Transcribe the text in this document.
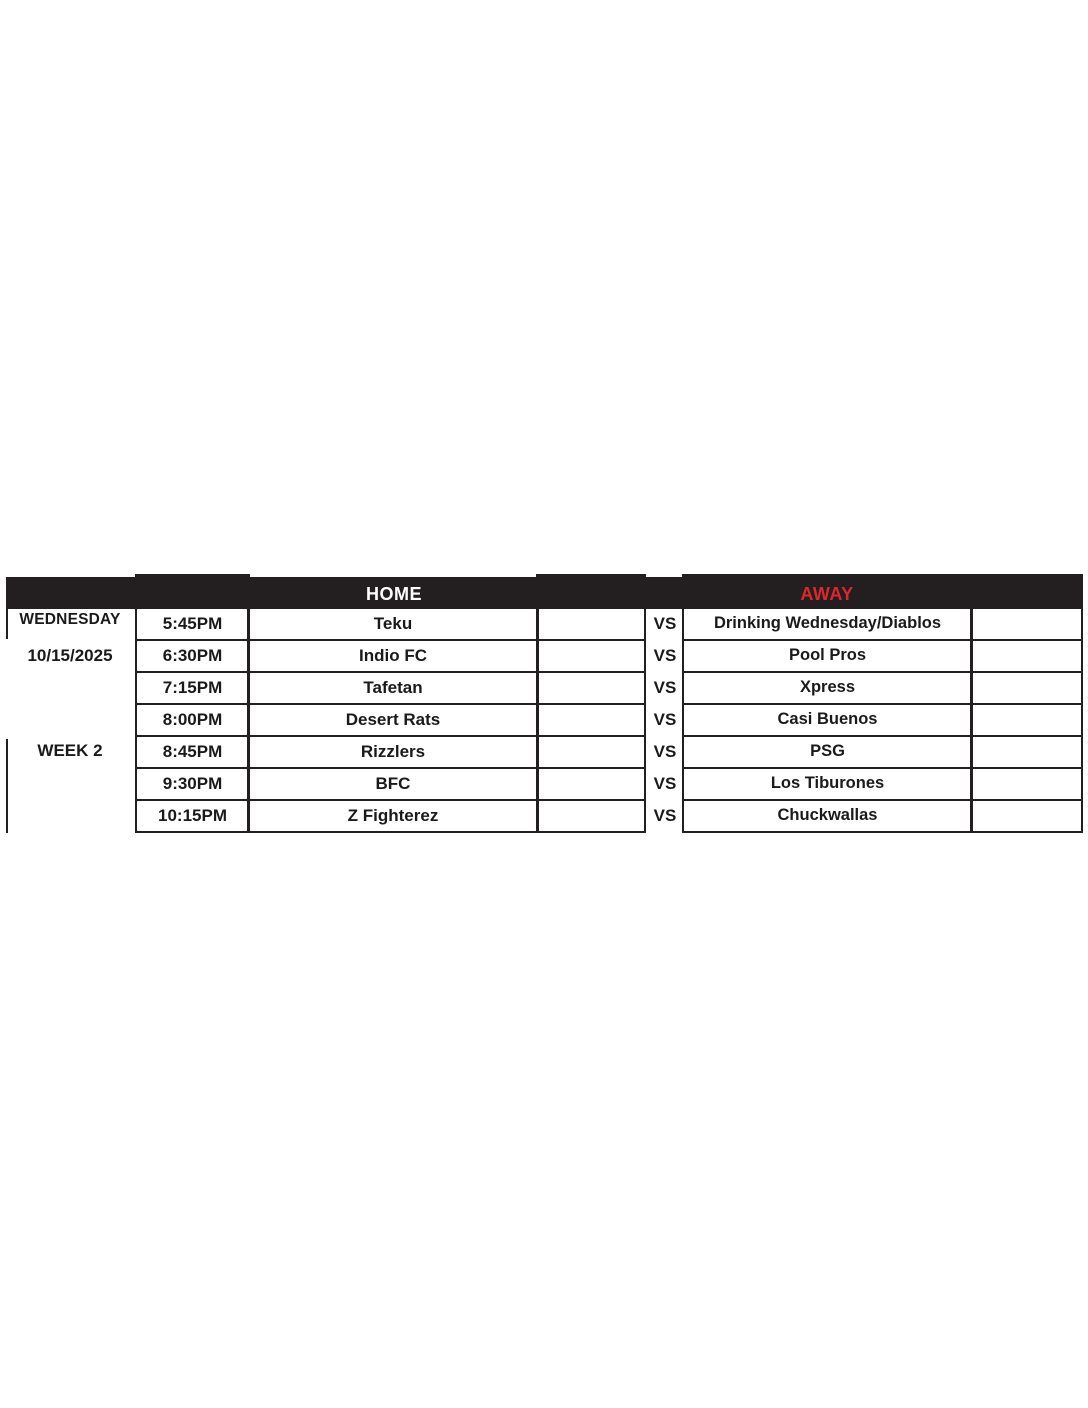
HOME	AWAY
WEDNESDAY
10/15/2025
WEEK 2
5:45PM	Teku	VS	Drinking Wednesday/Diablos
6:30PM	Indio FC	VS	Pool Pros
7:15PM	Tafetan	VS	Xpress
8:00PM	Desert Rats	VS	Casi Buenos
8:45PM	Rizzlers	VS	PSG
9:30PM	BFC	VS	Los Tiburones
10:15PM	Z Fighterez	VS	Chuckwallas
